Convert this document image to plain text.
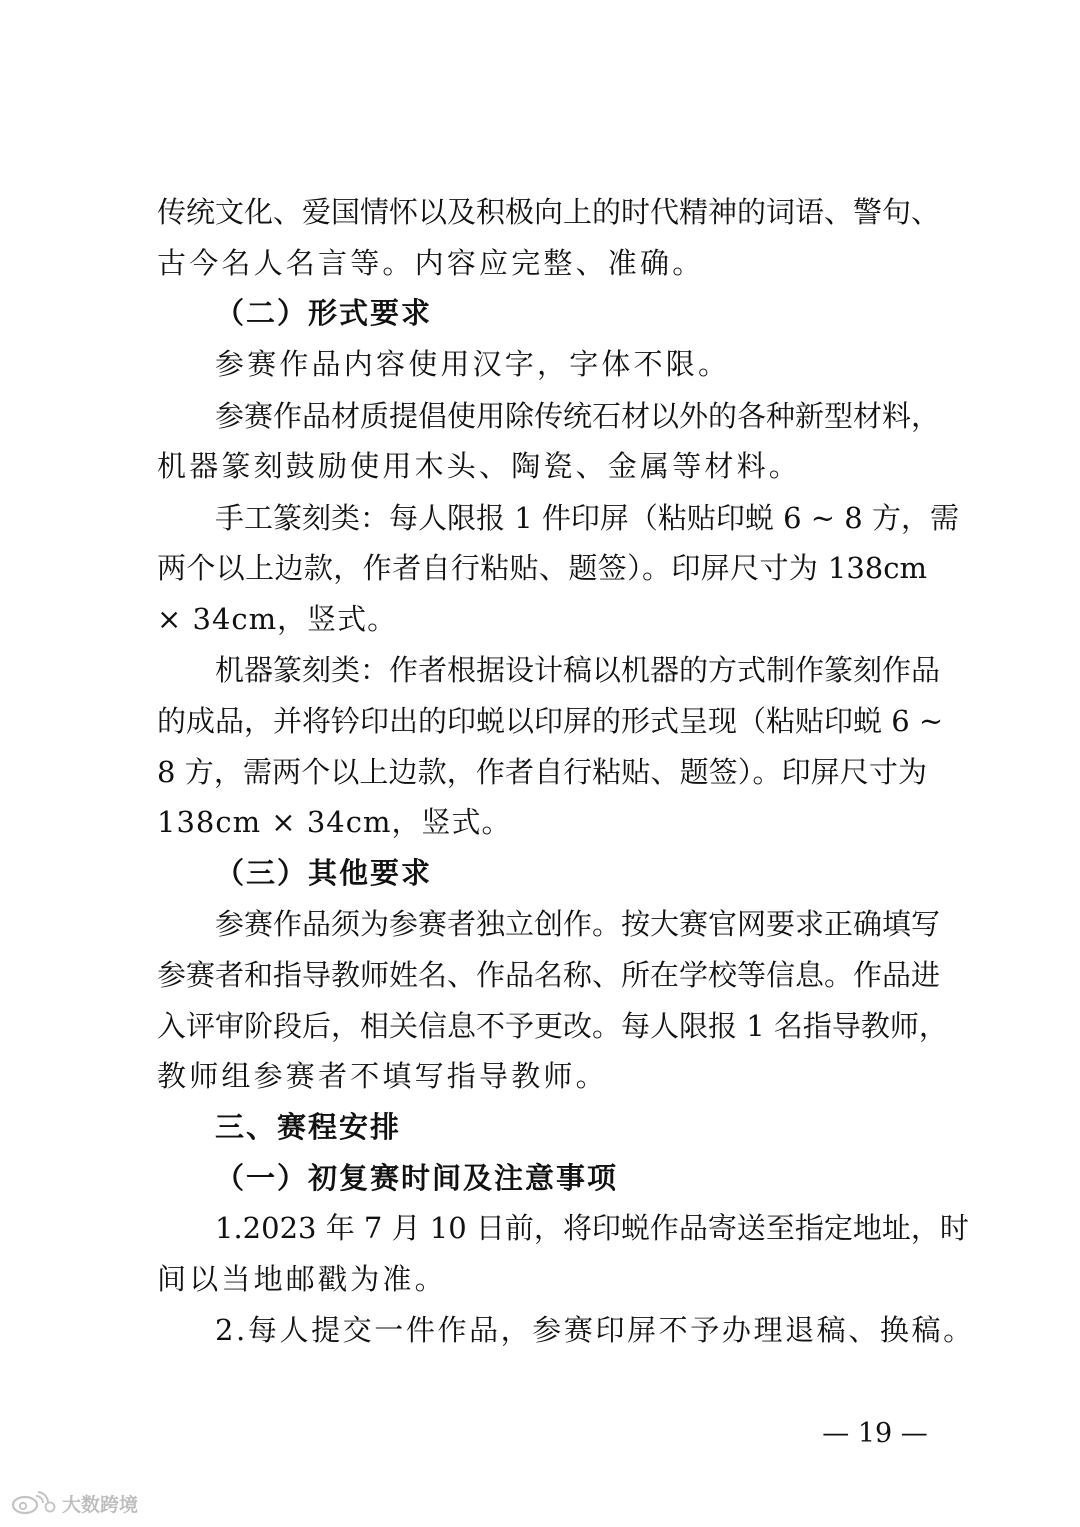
传统文化、爱国情怀以及积极向上的时代精神的词语、警句、
古今名人名言等。内容应完整、准确。
（二）形式要求
参赛作品内容使用汉字，字体不限。
参赛作品材质提倡使用除传统石材以外的各种新型材料，
机器篆刻鼓励使用木头、陶瓷、金属等材料。
手工篆刻类：每人限报 1 件印屏（粘贴印蜕 6 ~ 8 方，需
两个以上边款，作者自行粘贴、题签）。印屏尺寸为 138cm
× 34cm，竖式。
机器篆刻类：作者根据设计稿以机器的方式制作篆刻作品
的成品，并将钤印出的印蜕以印屏的形式呈现（粘贴印蜕 6 ~
8 方，需两个以上边款，作者自行粘贴、题签）。印屏尺寸为
138cm × 34cm，竖式。
（三）其他要求
参赛作品须为参赛者独立创作。按大赛官网要求正确填写
参赛者和指导教师姓名、作品名称、所在学校等信息。作品进
入评审阶段后，相关信息不予更改。每人限报 1 名指导教师，
教师组参赛者不填写指导教师。
三、赛程安排
（一）初复赛时间及注意事项
1.2023 年 7 月 10 日前，将印蜕作品寄送至指定地址，时
间以当地邮戳为准。
2.每人提交一件作品，参赛印屏不予办理退稿、换稿。
— 19 —
大数跨境
